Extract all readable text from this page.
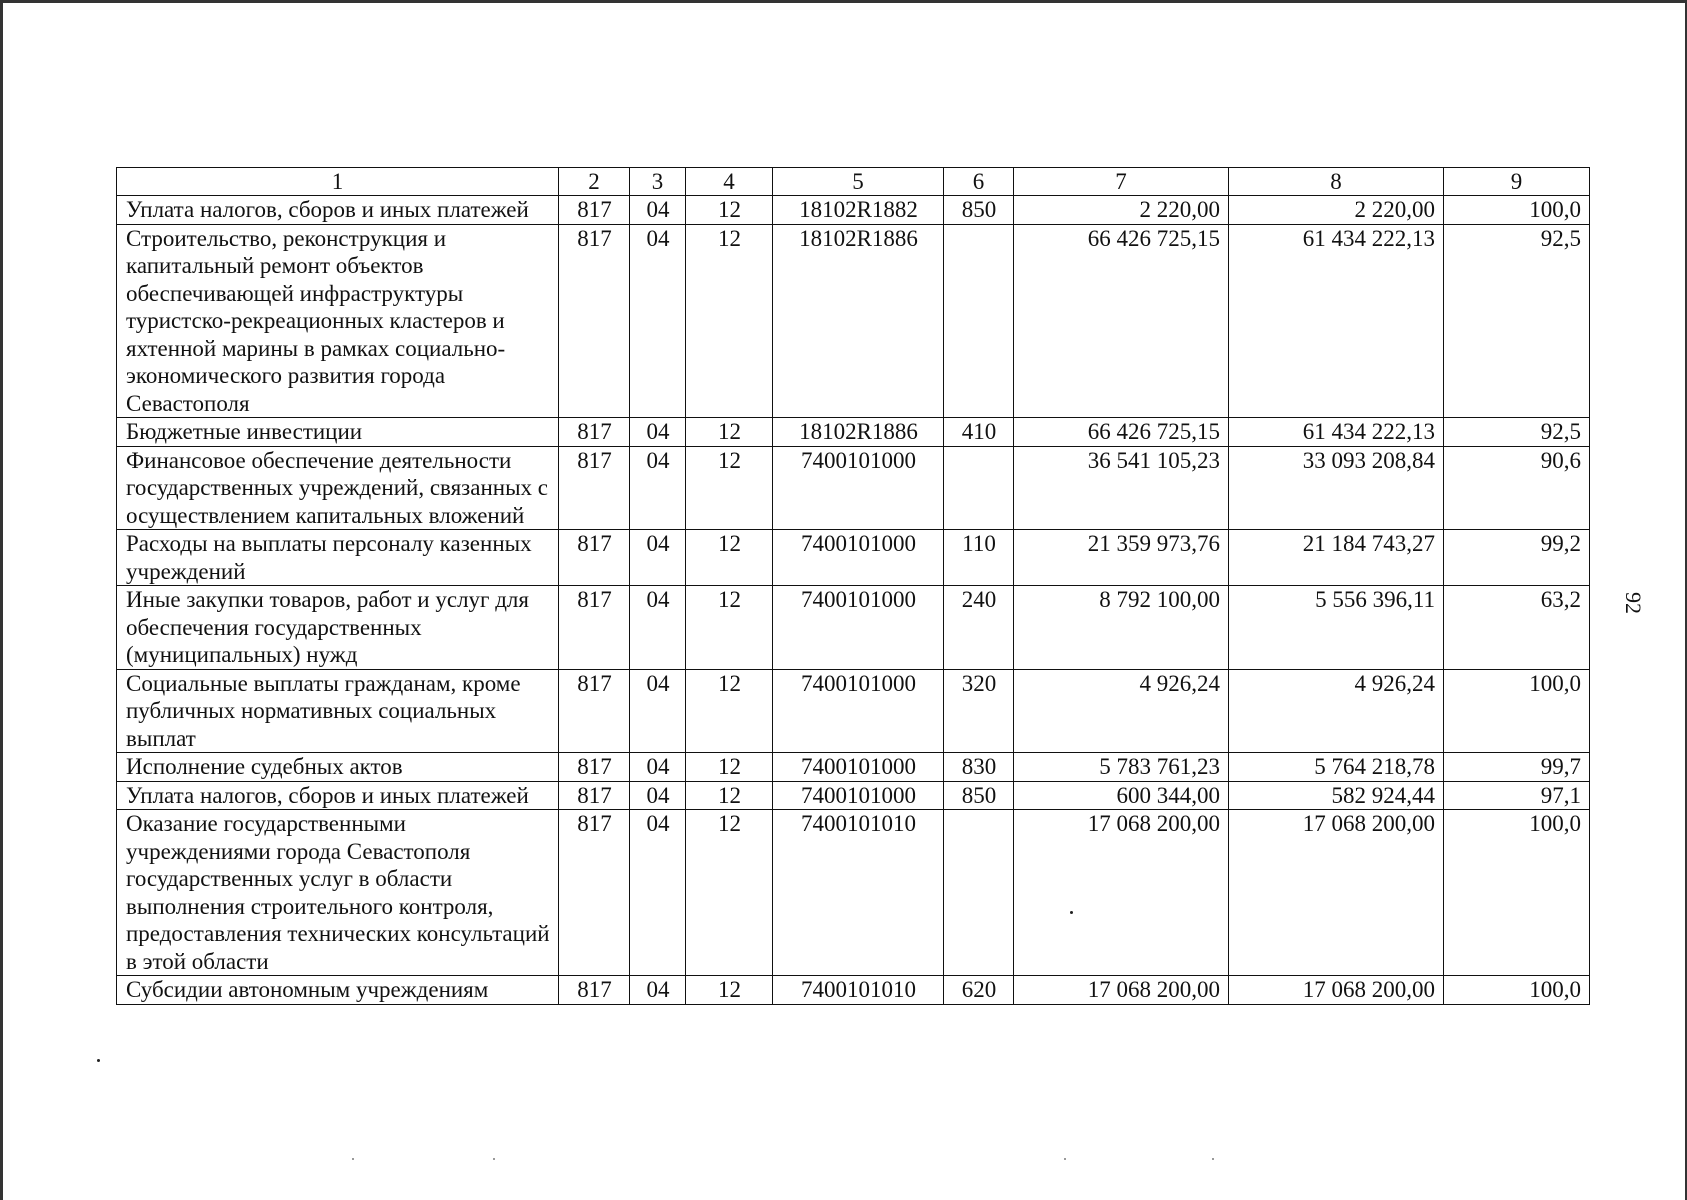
92
1	2	3	4	5	6	7	8	9
Уплата налогов, сборов и иных платежей	817	04	12	18102R1882	850	2 220,00	2 220,00	100,0
Строительство, реконструкция и капитальный ремонт объектов обеспечивающей инфраструктуры туристско-рекреационных кластеров и яхтенной марины в рамках социально-экономического развития города Севастополя	817	04	12	18102R1886		66 426 725,15	61 434 222,13	92,5
Бюджетные инвестиции	817	04	12	18102R1886	410	66 426 725,15	61 434 222,13	92,5
Финансовое обеспечение деятельности государственных учреждений, связанных с осуществлением капитальных вложений	817	04	12	7400101000		36 541 105,23	33 093 208,84	90,6
Расходы на выплаты персоналу казенных учреждений	817	04	12	7400101000	110	21 359 973,76	21 184 743,27	99,2
Иные закупки товаров, работ и услуг для обеспечения государственных (муниципальных) нужд	817	04	12	7400101000	240	8 792 100,00	5 556 396,11	63,2
Социальные выплаты гражданам, кроме публичных нормативных социальных выплат	817	04	12	7400101000	320	4 926,24	4 926,24	100,0
Исполнение судебных актов	817	04	12	7400101000	830	5 783 761,23	5 764 218,78	99,7
Уплата налогов, сборов и иных платежей	817	04	12	7400101000	850	600 344,00	582 924,44	97,1
Оказание государственными учреждениями города Севастополя государственных услуг в области выполнения строительного контроля, предоставления технических консультаций в этой области	817	04	12	7400101010		17 068 200,00	17 068 200,00	100,0
Субсидии автономным учреждениям	817	04	12	7400101010	620	17 068 200,00	17 068 200,00	100,0
